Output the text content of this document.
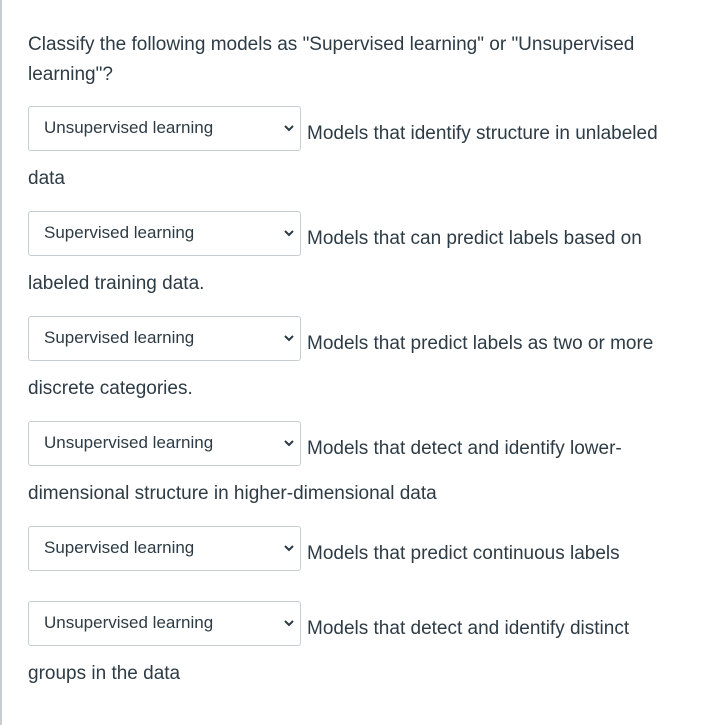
Classify the following models as "Supervised learning" or "Unsupervised learning"?
Unsupervised learning	Models that identify structure in unlabeled
data
Supervised learning	Models that can predict labels based on
labeled training data.
Supervised learning	Models that predict labels as two or more
discrete categories.
Unsupervised learning	Models that detect and identify lower-
dimensional structure in higher-dimensional data
Supervised learning	Models that predict continuous labels
Unsupervised learning	Models that detect and identify distinct
groups in the data
